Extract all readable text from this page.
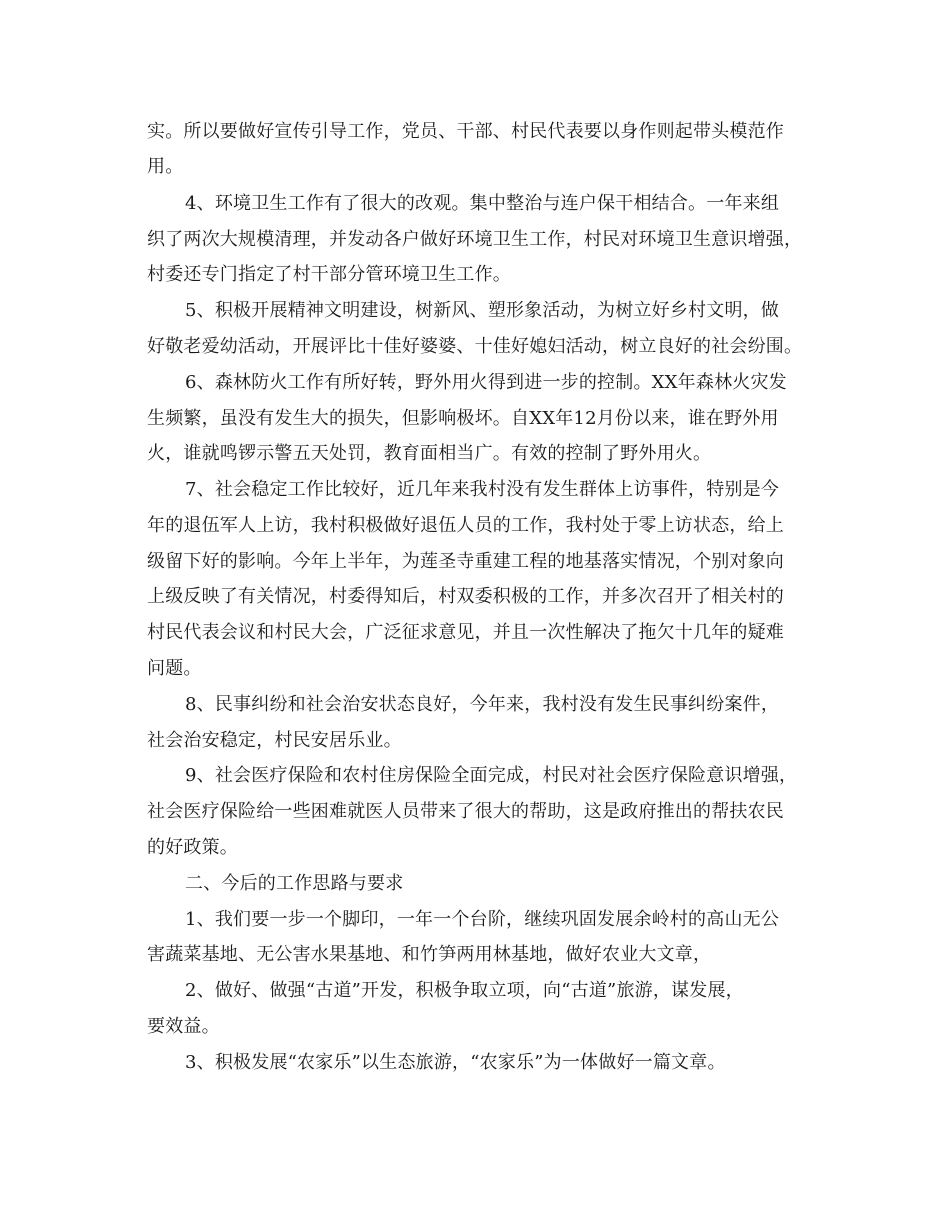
实。所以要做好宣传引导工作，党员、干部、村民代表要以身作则起带头模范作
用。
4、环境卫生工作有了很大的改观。集中整治与连户保干相结合。一年来组
织了两次大规模清理，并发动各户做好环境卫生工作，村民对环境卫生意识增强，
村委还专门指定了村干部分管环境卫生工作。
5、积极开展精神文明建设，树新风、塑形象活动，为树立好乡村文明，做
好敬老爱幼活动，开展评比十佳好婆婆、十佳好媳妇活动，树立良好的社会纷围。
6、森林防火工作有所好转，野外用火得到进一步的控制。XX年森林火灾发
生频繁，虽没有发生大的损失，但影响极坏。自XX年12月份以来，谁在野外用
火，谁就鸣锣示警五天处罚，教育面相当广。有效的控制了野外用火。
7、社会稳定工作比较好，近几年来我村没有发生群体上访事件，特别是今
年的退伍军人上访，我村积极做好退伍人员的工作，我村处于零上访状态，给上
级留下好的影响。今年上半年，为莲圣寺重建工程的地基落实情况，个别对象向
上级反映了有关情况，村委得知后，村双委积极的工作，并多次召开了相关村的
村民代表会议和村民大会，广泛征求意见，并且一次性解决了拖欠十几年的疑难
问题。
8、民事纠纷和社会治安状态良好，今年来，我村没有发生民事纠纷案件，
社会治安稳定，村民安居乐业。
9、社会医疗保险和农村住房保险全面完成，村民对社会医疗保险意识增强，
社会医疗保险给一些困难就医人员带来了很大的帮助，这是政府推出的帮扶农民
的好政策。
二、今后的工作思路与要求
1、我们要一步一个脚印，一年一个台阶，继续巩固发展余岭村的高山无公
害蔬菜基地、无公害水果基地、和竹笋两用林基地，做好农业大文章，
2、做好、做强“古道”开发，积极争取立项，向“古道”旅游，谋发展，
要效益。
3、积极发展“农家乐”以生态旅游，“农家乐”为一体做好一篇文章。
